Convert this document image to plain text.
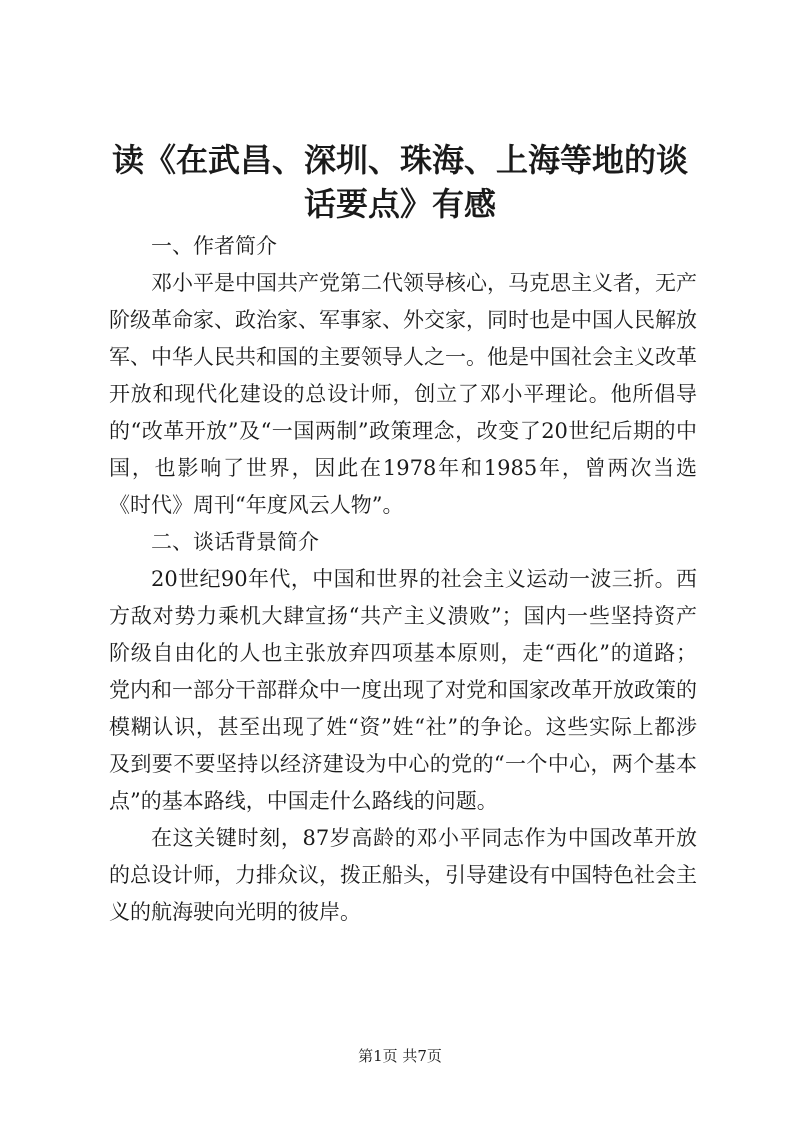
读《在武昌、深圳、珠海、上海等地的谈话要点》有感

一、作者简介

邓小平是中国共产党第二代领导核心，马克思主义者，无产阶级革命家、政治家、军事家、外交家，同时也是中国人民解放军、中华人民共和国的主要领导人之一。他是中国社会主义改革开放和现代化建设的总设计师，创立了邓小平理论。他所倡导的“改革开放”及“一国两制”政策理念，改变了20世纪后期的中国，也影响了世界，因此在1978年和1985年，曾两次当选《时代》周刊“年度风云人物”。

二、谈话背景简介

20世纪90年代，中国和世界的社会主义运动一波三折。西方敌对势力乘机大肆宣扬“共产主义溃败”；国内一些坚持资产阶级自由化的人也主张放弃四项基本原则，走“西化”的道路；党内和一部分干部群众中一度出现了对党和国家改革开放政策的模糊认识，甚至出现了姓“资”姓“社”的争论。这些实际上都涉及到要不要坚持以经济建设为中心的党的“一个中心，两个基本点”的基本路线，中国走什么路线的问题。

在这关键时刻，87岁高龄的邓小平同志作为中国改革开放的总设计师，力排众议，拨正船头，引导建设有中国特色社会主义的航海驶向光明的彼岸。

第1页 共7页
